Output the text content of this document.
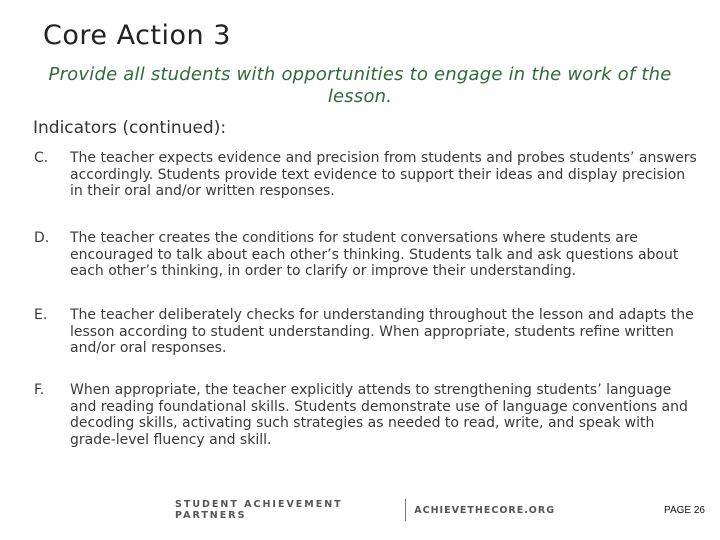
Core Action 3
Provide all students with opportunities to engage in the work of the lesson.
Indicators (continued):
C.	The teacher expects evidence and precision from students and probes students’ answers accordingly. Students provide text evidence to support their ideas and display precision in their oral and/or written responses.
D.	The teacher creates the conditions for student conversations where students are encouraged to talk about each other’s thinking. Students talk and ask questions about each other’s thinking, in order to clarify or improve their understanding.
E.	The teacher deliberately checks for understanding throughout the lesson and adapts the lesson according to student understanding. When appropriate, students refine written and/or oral responses.
F.	When appropriate, the teacher explicitly attends to strengthening students’ language and reading foundational skills. Students demonstrate use of language conventions and decoding skills, activating such strategies as needed to read, write, and speak with grade-level fluency and skill.
STUDENT ACHIEVEMENT PARTNERS	ACHIEVETHECORE.ORG	PAGE 26
